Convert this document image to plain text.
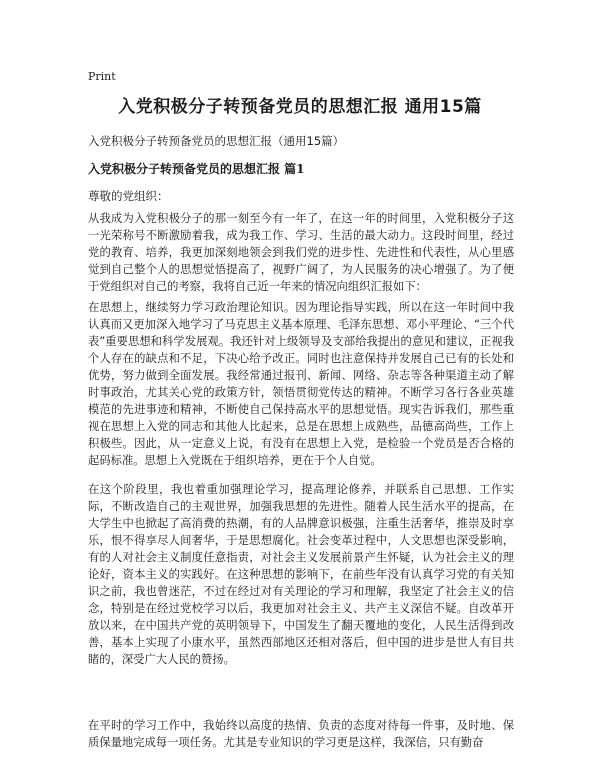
Print
入党积极分子转预备党员的思想汇报 通用15篇
入党积极分子转预备党员的思想汇报（通用15篇）
入党积极分子转预备党员的思想汇报 篇1
尊敬的党组织：

从我成为入党积极分子的那一刻至今有一年了，在这一年的时间里，入党积极分子这一光荣称号不断激励着我，成为我工作、学习、生活的最大动力。这段时间里，经过党的教育、培养，我更加深刻地领会到我们党的进步性、先进性和代表性，从心里感觉到自己整个人的思想觉悟提高了，视野广阔了，为人民服务的决心增强了。为了便于党组织对自己的考察，我将自己近一年来的情况向组织汇报如下：

在思想上，继续努力学习政治理论知识。因为理论指导实践，所以在这一年时间中我认真而又更加深入地学习了马克思主义基本原理、毛泽东思想、邓小平理论、“三个代表”重要思想和科学发展观。我还针对上级领导及支部给我提出的意见和建议，正视我个人存在的缺点和不足，下决心给予改正。同时也注意保持并发展自己已有的长处和优势，努力做到全面发展。我经常通过报刊、新闻、网络、杂志等各种渠道主动了解时事政治，尤其关心党的政策方针，领悟贯彻党传达的精神。不断学习各行各业英雄模范的先进事迹和精神，不断使自己保持高水平的思想觉悟。现实告诉我们，那些重视在思想上入党的同志和其他人比起来，总是在思想上成熟些，品德高尚些，工作上积极些。因此，从一定意义上说，有没有在思想上入党，是检验一个党员是否合格的起码标准。思想上入党既在于组织培养，更在于个人自觉。

在这个阶段里，我也着重加强理论学习，提高理论修养，并联系自己思想、工作实际，不断改造自己的主观世界，加强我思想的先进性。随着人民生活水平的提高，在大学生中也掀起了高消费的热潮，有的人品牌意识极强，注重生活奢华，推崇及时享乐，恨不得享尽人间奢华，于是思想腐化。社会变革过程中，人文思想也深受影响，有的人对社会主义制度任意指责，对社会主义发展前景产生怀疑，认为社会主义的理论好，资本主义的实践好。在这种思想的影响下，在前些年没有认真学习党的有关知识之前，我也曾迷茫，不过在经过对有关理论的学习和理解，我坚定了社会主义的信念，特别是在经过党校学习以后，我更加对社会主义、共产主义深信不疑。自改革开放以来，在中国共产党的英明领导下，中国发生了翻天覆地的变化，人民生活得到改善，基本上实现了小康水平，虽然西部地区还相对落后，但中国的进步是世人有目共睹的，深受广大人民的赞扬。

在平时的学习工作中，我始终以高度的热情、负责的态度对待每一件事，及时地、保质保量地完成每一项任务。尤其是专业知识的学习更是这样，我深信，只有勤奋
